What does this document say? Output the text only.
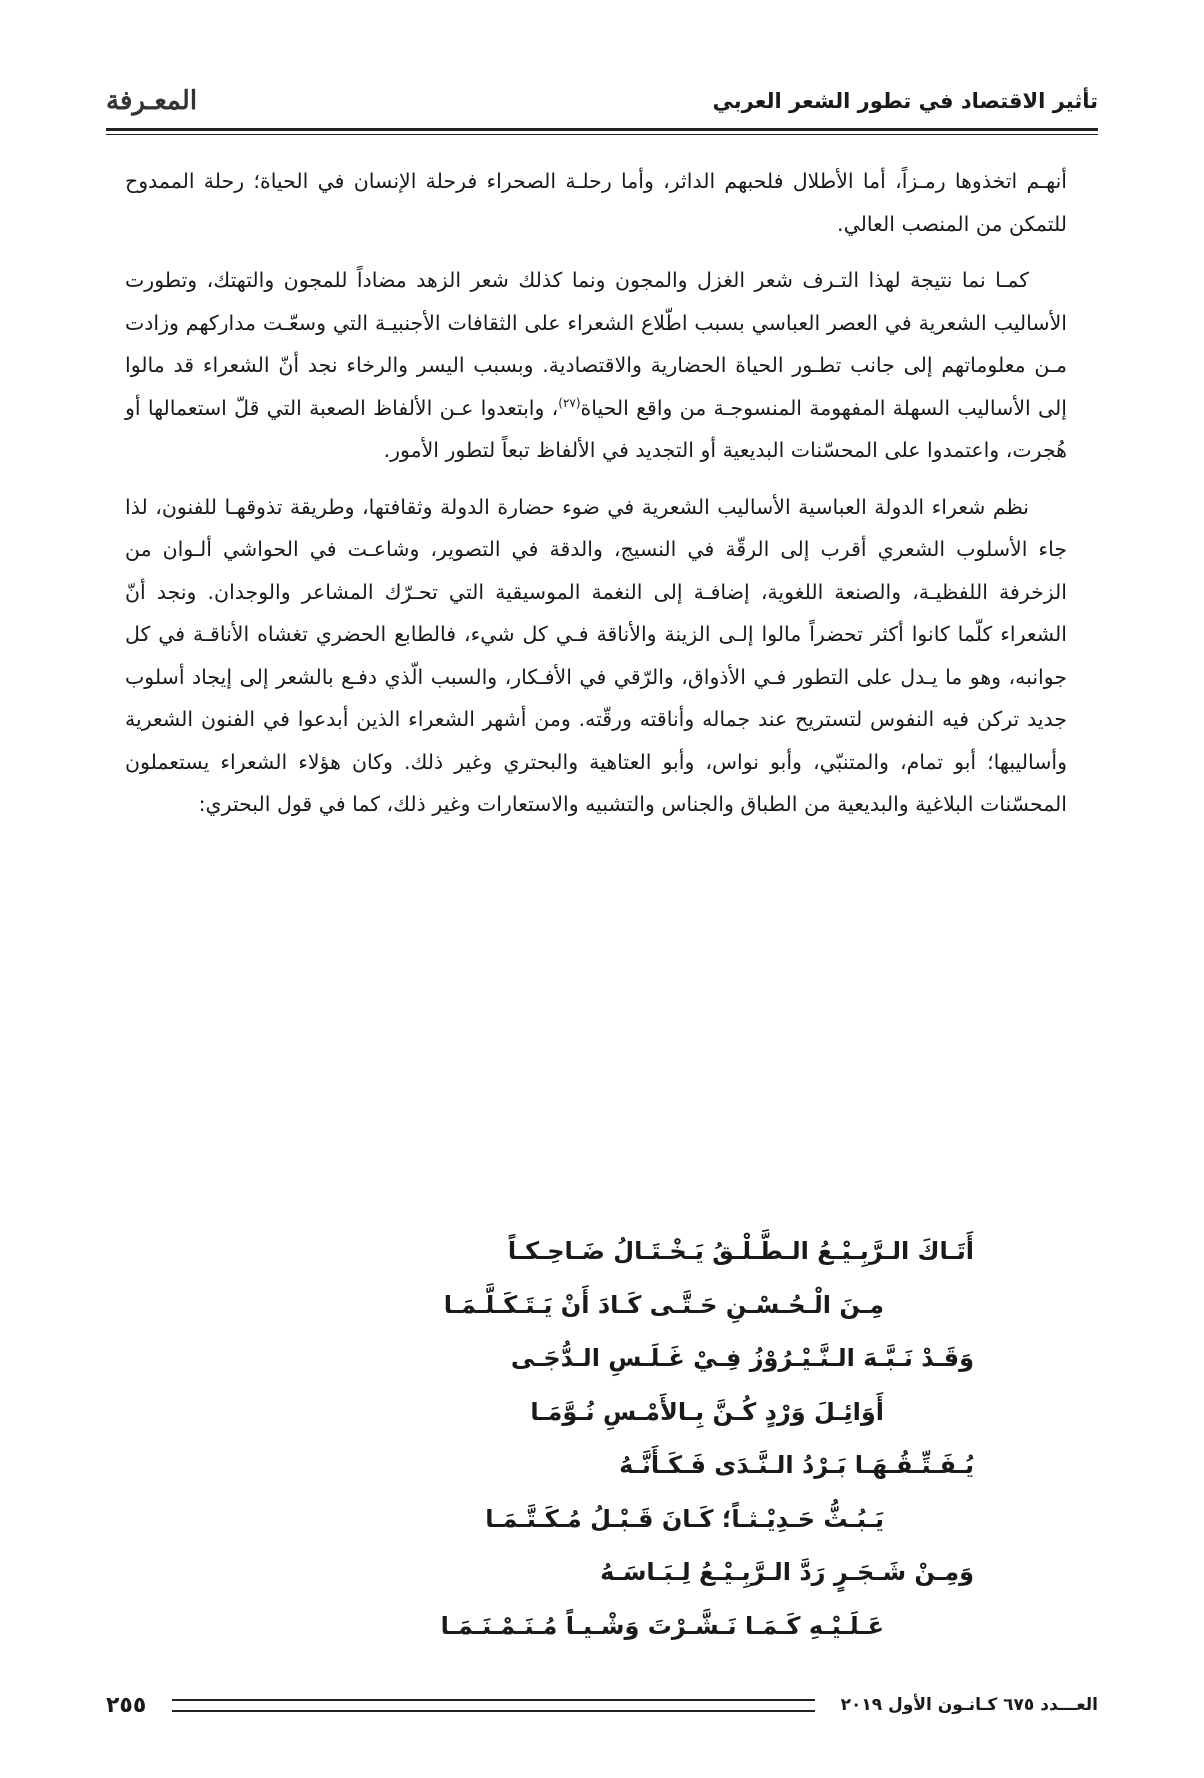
تأثير الاقتصاد في تطور الشعر العربي
المعـرفة

أنهـم اتخذوها رمـزاً، أما الأطلال فلحبهم الداثر، وأما رحلـة الصحراء فرحلة الإنسان في الحياة؛ رحلة الممدوح للتمكن من المنصب العالي.

كمـا نما نتيجة لهذا التـرف شعر الغزل والمجون ونما كذلك شعر الزهد مضاداً للمجون والتهتك، وتطورت الأساليب الشعرية في العصر العباسي بسبب اطّلاع الشعراء على الثقافات الأجنبيـة التي وسعّـت مداركهم وزادت مـن معلوماتهم إلى جانب تطـور الحياة الحضارية والاقتصادية. وبسبب اليسر والرخاء نجد أنّ الشعراء قد مالوا إلى الأساليب السهلة المفهومة المنسوجـة من واقع الحياة$^{(٢٧)}$، وابتعدوا عـن الألفاظ الصعبة التي قلّ استعمالها أو هُجرت، واعتمدوا على المحسّنات البديعية أو التجديد في الألفاظ تبعاً لتطور الأمور.

نظم شعراء الدولة العباسية الأساليب الشعرية في ضوء حضارة الدولة وثقافتها، وطريقة تذوقهـا للفنون، لذا جاء الأسلوب الشعري أقرب إلى الرقّة في النسيج، والدقة في التصوير، وشاعـت في الحواشي ألـوان من الزخرفة اللفظيـة، والصنعة اللغوية، إضافـة إلى النغمة الموسيقية التي تحـرّك المشاعر والوجدان. ونجد أنّ الشعراء كلّما كانوا أكثر تحضراً مالوا إلـى الزينة والأناقة فـي كل شيء، فالطابع الحضري تغشاه الأناقـة في كل جوانبه، وهو ما يـدل على التطور فـي الأذواق، والرّقي في الأفـكار، والسبب الّذي دفـع بالشعر إلى إيجاد أسلوب جديد تركن فيه النفوس لتستريح عند جماله وأناقته ورقّته. ومن أشهر الشعراء الذين أبدعوا في الفنون الشعرية وأساليبها؛ أبو تمام، والمتنبّي، وأبو نواس، وأبو العتاهية والبحتري وغير ذلك. وكان هؤلاء الشعراء يستعملون المحسّنات البلاغية والبديعية من الطباق والجناس والتشبيه والاستعارات وغير ذلك، كما في قول البحتري:

أَتَـاكَ الـرَّبِـيْـعُ الـطَّـلْـقُ يَـخْـتَـالُ ضَـاحِـكـاً
مِـنَ الْـحُـسْـنِ حَـتَّـى كَـادَ أَنْ يَـتَـكَـلَّـمَـا
وَقَـدْ نَـبَّـهَ الـنَّـيْـرُوْزُ فِـيْ غَـلَـسِ الـدُّجَـى
أَوَائِـلَ وَرْدٍ كُـنَّ بِـالأَمْـسِ نُـوَّمَـا
يُـفَـتِّـقُـهَـا بَـرْدُ الـنَّـدَى فَـكَـأَنَّـهُ
يَـبُـثُّ حَـدِيْـثـاً؛ كَـانَ قَـبْـلُ مُـكَـتَّـمَـا
وَمِـنْ شَـجَـرٍ رَدَّ الـرَّبِـيْـعُ لِـبَـاسَـهُ
عَـلَـيْـهِ كَـمَـا نَـشَّـرْتَ وَشْـيـاً مُـنَـمْـنَـمَـا
العـــدد ٦٧٥ كـانـون الأول ٢٠١٩
٢٥٥
